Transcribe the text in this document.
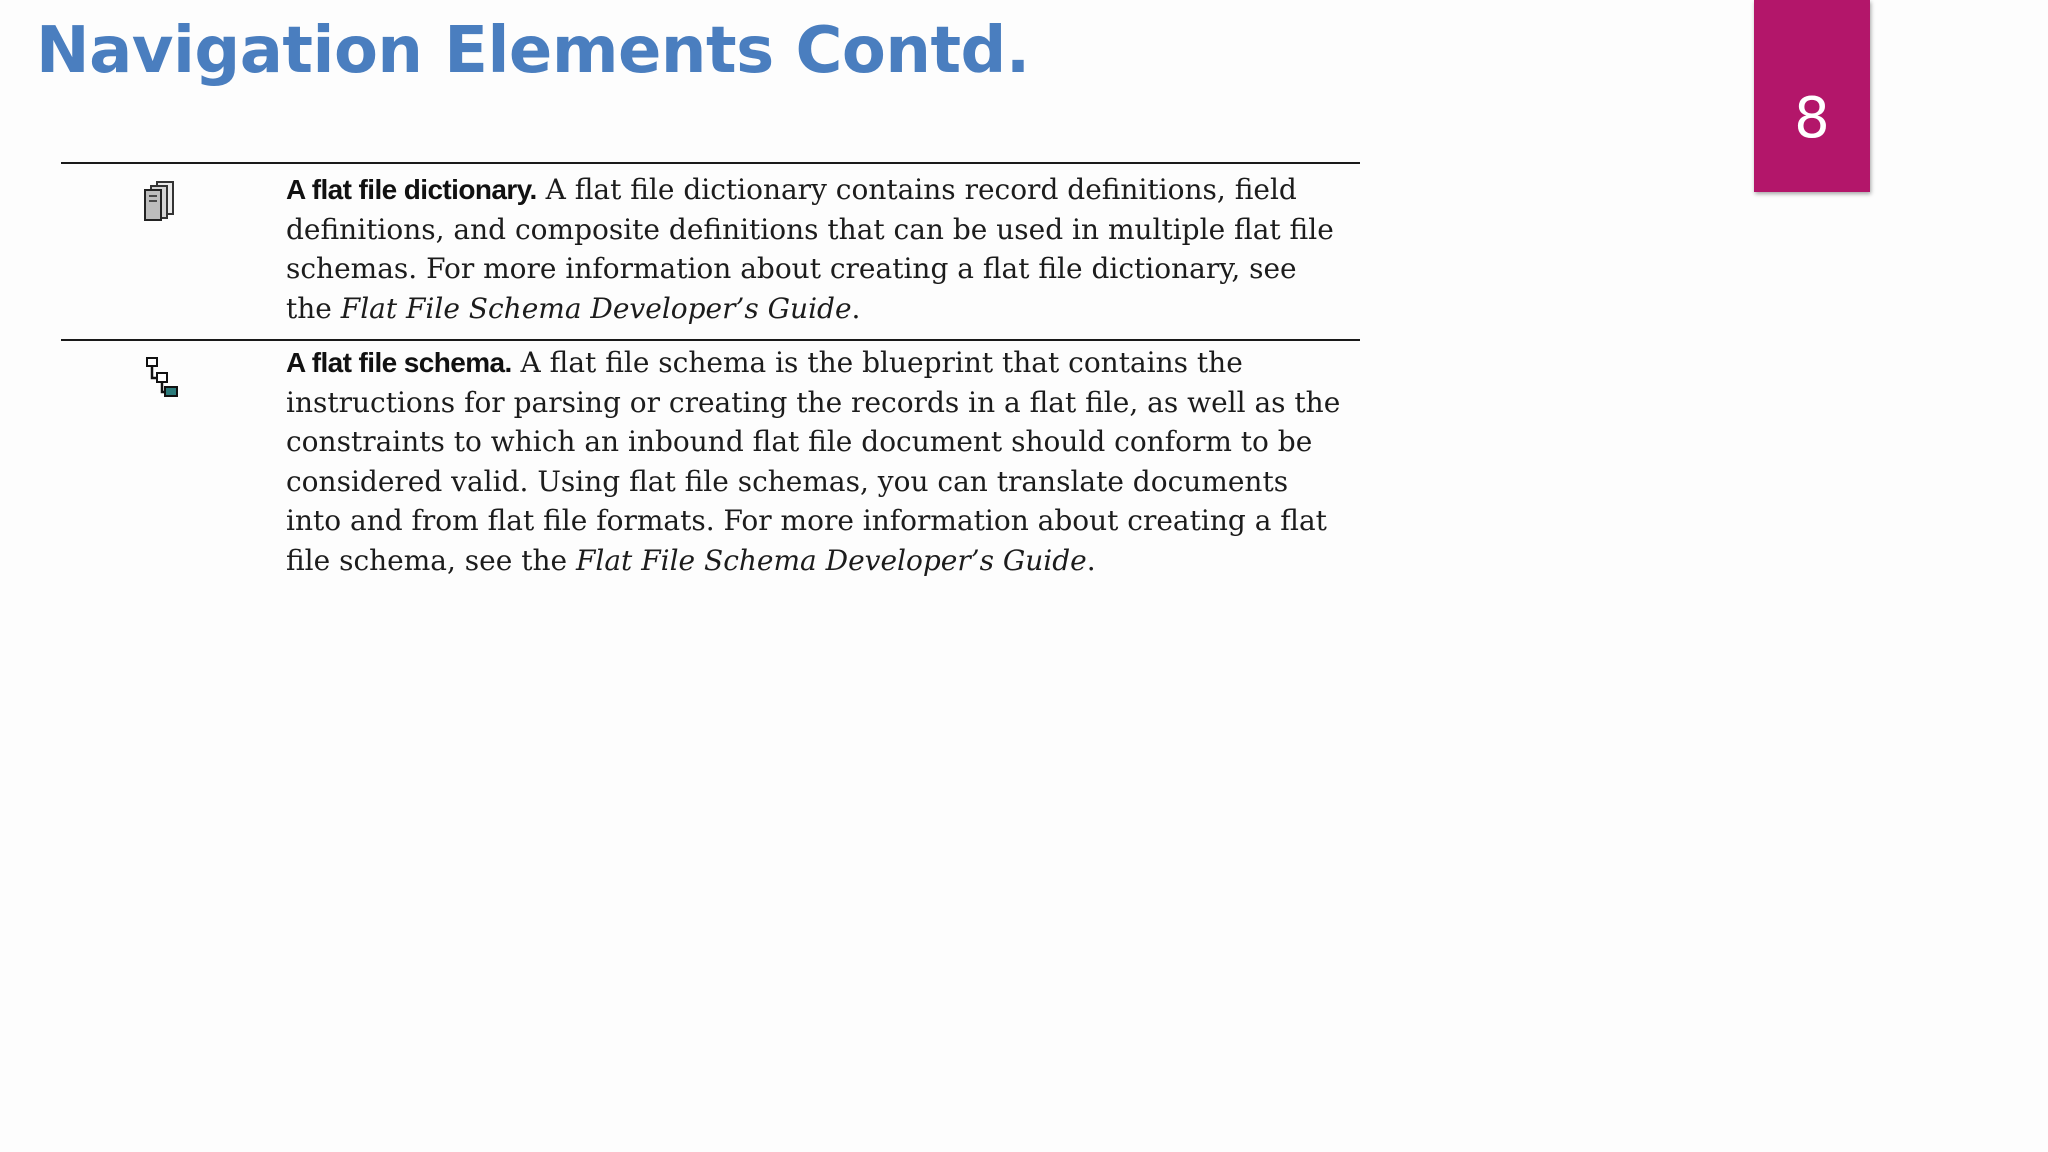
Navigation Elements Contd.
8
A flat file dictionary. A flat file dictionary contains record definitions, field definitions, and composite definitions that can be used in multiple flat file schemas. For more information about creating a flat file dictionary, see the Flat File Schema Developer’s Guide.
A flat file schema. A flat file schema is the blueprint that contains the instructions for parsing or creating the records in a flat file, as well as the constraints to which an inbound flat file document should conform to be considered valid. Using flat file schemas, you can translate documents into and from flat file formats. For more information about creating a flat file schema, see the Flat File Schema Developer’s Guide.
